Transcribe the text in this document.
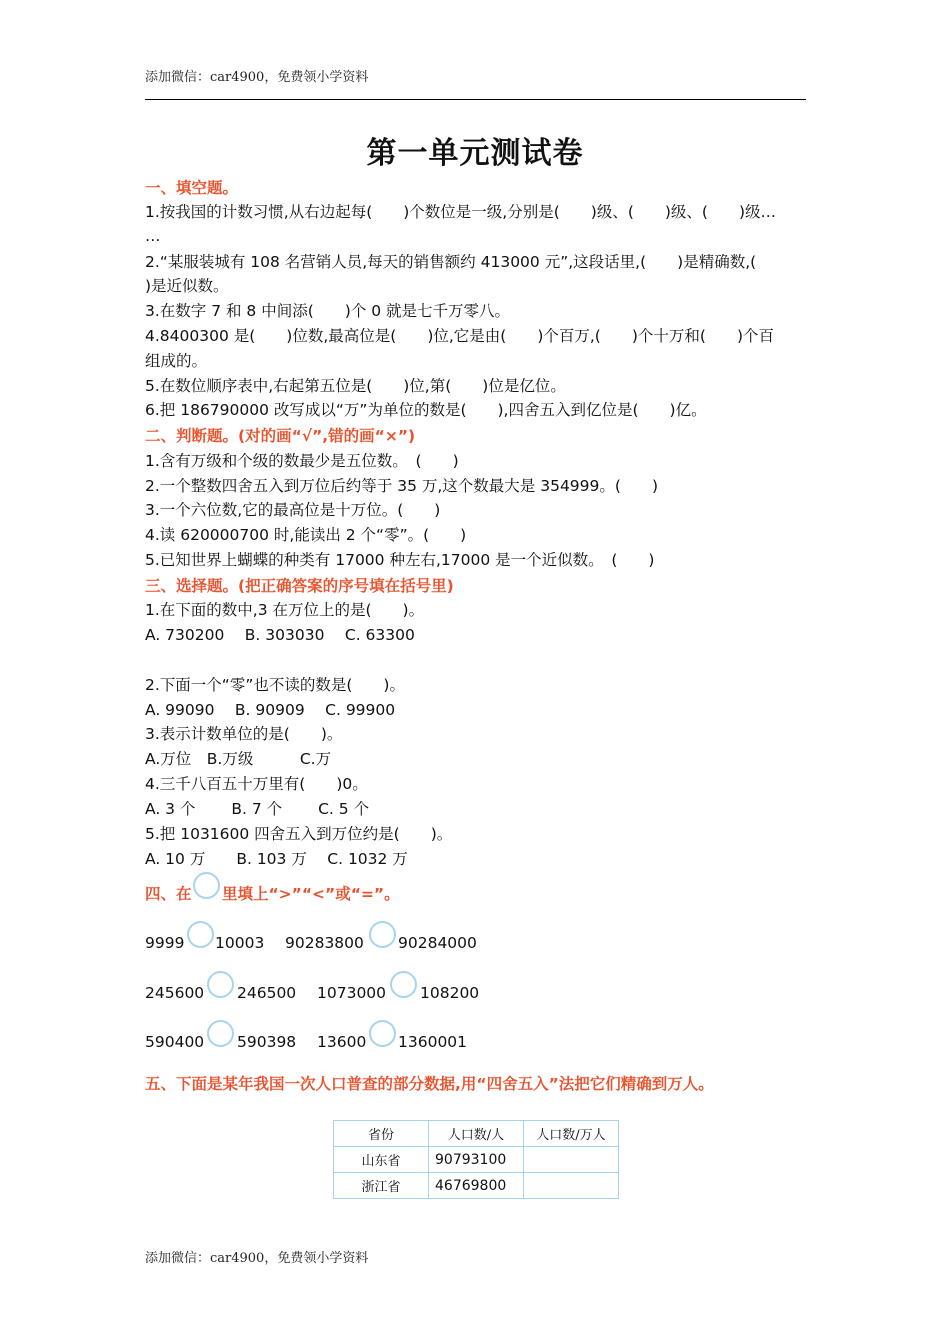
添加微信：car4900，免费领小学资料
第一单元测试卷
一、填空题。
1.按我国的计数习惯,从右边起每(　　)个数位是一级,分别是(　　)级、(　　)级、(　　)级…
…
2.“某服装城有 108 名营销人员,每天的销售额约 413000 元”,这段话里,(　　)是精确数,(
)是近似数。
3.在数字 7 和 8 中间添(　　)个 0 就是七千万零八。
4.8400300 是(　　)位数,最高位是(　　)位,它是由(　　)个百万,(　　)个十万和(　　)个百
组成的。
5.在数位顺序表中,右起第五位是(　　)位,第(　　)位是亿位。
6.把 186790000 改写成以“万”为单位的数是(　　),四舍五入到亿位是(　　)亿。
二、判断题。(对的画“√”,错的画“×”)
1.含有万级和个级的数最少是五位数。　(　　)
2.一个整数四舍五入到万位后约等于 35 万,这个数最大是 354999。(　　)
3.一个六位数,它的最高位是十万位。(　　)
4.读 620000700 时,能读出 2 个“零”。(　　)
5.已知世界上蝴蝶的种类有 17000 种左右,17000 是一个近似数。　(　　)
三、选择题。(把正确答案的序号填在括号里)
1.在下面的数中,3 在万位上的是(　　)。
A. 730200　 B. 303030　 C. 63300
2.下面一个“零”也不读的数是(　　)。
A. 99090　 B. 90909　 C. 99900
3.表示计数单位的是(　　)。
A.万位　B.万级　　　C.万
4.三千八百五十万里有(　　)0。
A. 3 个　　 B. 7 个　　 C. 5 个
5.把 1031600 四舍五入到万位约是(　　)。
A. 10 万　　B. 103 万　 C. 1032 万
四、在 里填上“>”“<”或“=”。
9999 10003 90283800 90284000
245600 246500 1073000 108200
590400 590398 13600 1360001
五、下面是某年我国一次人口普查的部分数据,用“四舍五入”法把它们精确到万人。
省份	人口数/人	人口数/万人
山东省	90793100	
浙江省	46769800	
添加微信：car4900，免费领小学资料
